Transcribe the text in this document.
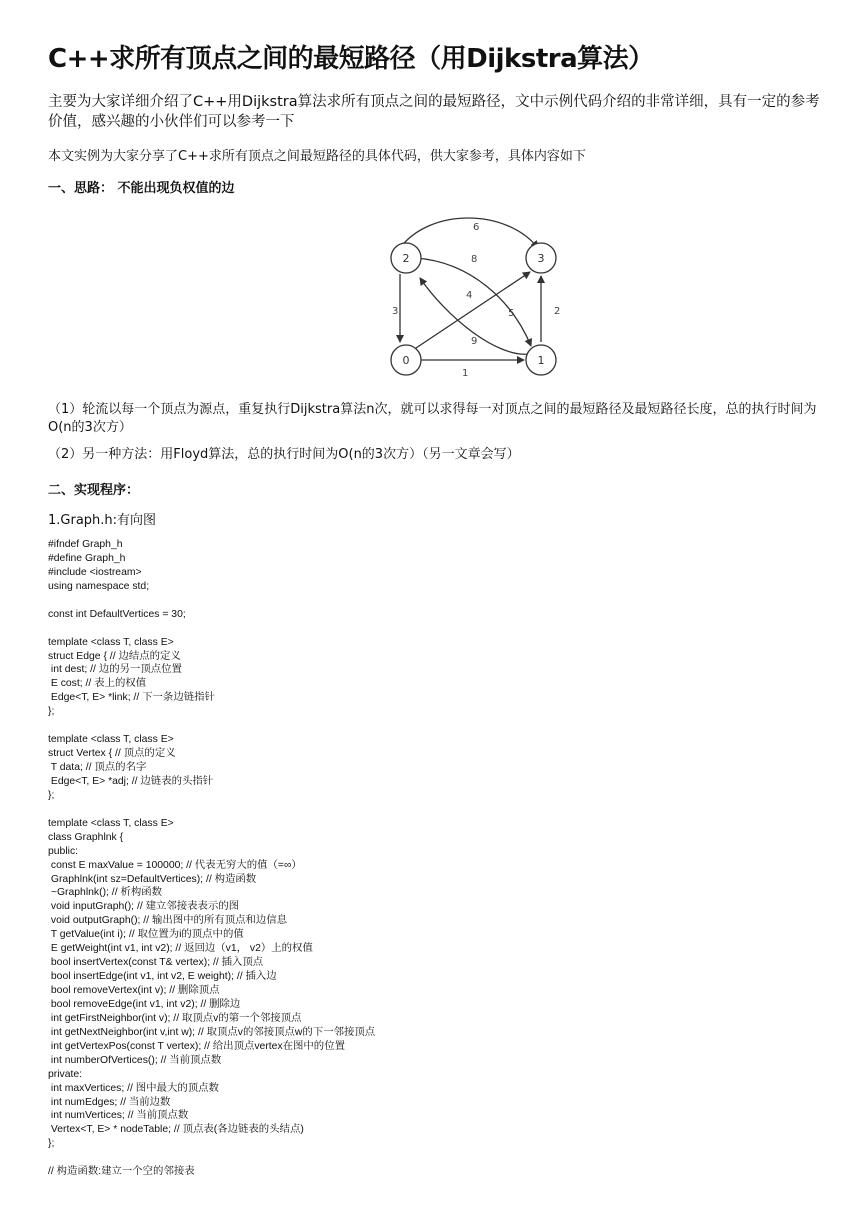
C++求所有顶点之间的最短路径（用Dijkstra算法）

主要为大家详细介绍了C++用Dijkstra算法求所有顶点之间的最短路径，文中示例代码介绍的非常详细，具有一定的参考价值，感兴趣的小伙伴们可以参考一下

本文实例为大家分享了C++求所有顶点之间最短路径的具体代码，供大家参考，具体内容如下

一、思路： 不能出现负权值的边

6
8
3
4
5	2
9
1
2	3
0	1

（1）轮流以每一个顶点为源点，重复执行Dijkstra算法n次，就可以求得每一对顶点之间的最短路径及最短路径长度，总的执行时间为O(n的3次方）

（2）另一种方法：用Floyd算法，总的执行时间为O(n的3次方）（另一文章会写）

二、实现程序：

1.Graph.h:有向图

#ifndef Graph_h
#define Graph_h
#include <iostream>
using namespace std;
const int DefaultVertices = 30;
template <class T, class E>
struct Edge { // 边结点的定义
int dest; // 边的另一顶点位置
E cost; // 表上的权值
Edge<T, E> *link; // 下一条边链指针
};
template <class T, class E>
struct Vertex { // 顶点的定义
T data; // 顶点的名字
Edge<T, E> *adj; // 边链表的头指针
};
template <class T, class E>
class Graphlnk {
public:
const E maxValue = 100000; // 代表无穷大的值（=∞）
Graphlnk(int sz=DefaultVertices); // 构造函数
~Graphlnk(); // 析构函数
void inputGraph(); // 建立邻接表表示的图
void outputGraph(); // 输出图中的所有顶点和边信息
T getValue(int i); // 取位置为i的顶点中的值
E getWeight(int v1, int v2); // 返回边（v1， v2）上的权值
bool insertVertex(const T& vertex); // 插入顶点
bool insertEdge(int v1, int v2, E weight); // 插入边
bool removeVertex(int v); // 删除顶点
bool removeEdge(int v1, int v2); // 删除边
int getFirstNeighbor(int v); // 取顶点v的第一个邻接顶点
int getNextNeighbor(int v,int w); // 取顶点v的邻接顶点w的下一邻接顶点
int getVertexPos(const T vertex); // 给出顶点vertex在图中的位置
int numberOfVertices(); // 当前顶点数
private:
int maxVertices; // 图中最大的顶点数
int numEdges; // 当前边数
int numVertices; // 当前顶点数
Vertex<T, E> * nodeTable; // 顶点表(各边链表的头结点)
};
// 构造函数:建立一个空的邻接表
